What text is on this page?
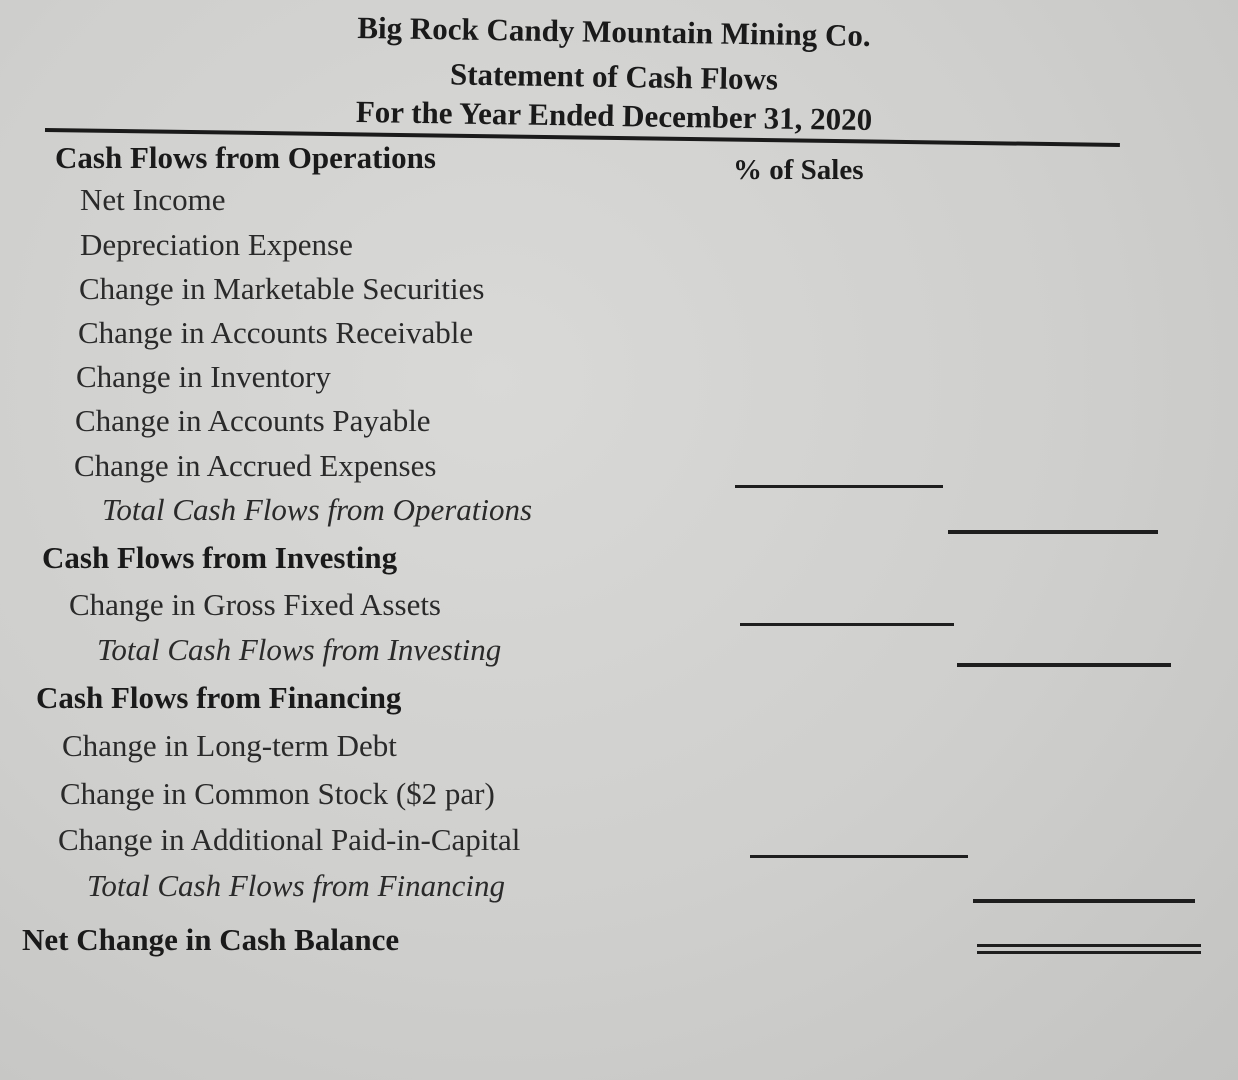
Big Rock Candy Mountain Mining Co.
Statement of Cash Flows
For the Year Ended December 31, 2020
% of Sales
Cash Flows from Operations
Net Income
Depreciation Expense
Change in Marketable Securities
Change in Accounts Receivable
Change in Inventory
Change in Accounts Payable
Change in Accrued Expenses
Total Cash Flows from Operations
Cash Flows from Investing
Change in Gross Fixed Assets
Total Cash Flows from Investing
Cash Flows from Financing
Change in Long-term Debt
Change in Common Stock ($2 par)
Change in Additional Paid-in-Capital
Total Cash Flows from Financing
Net Change in Cash Balance
